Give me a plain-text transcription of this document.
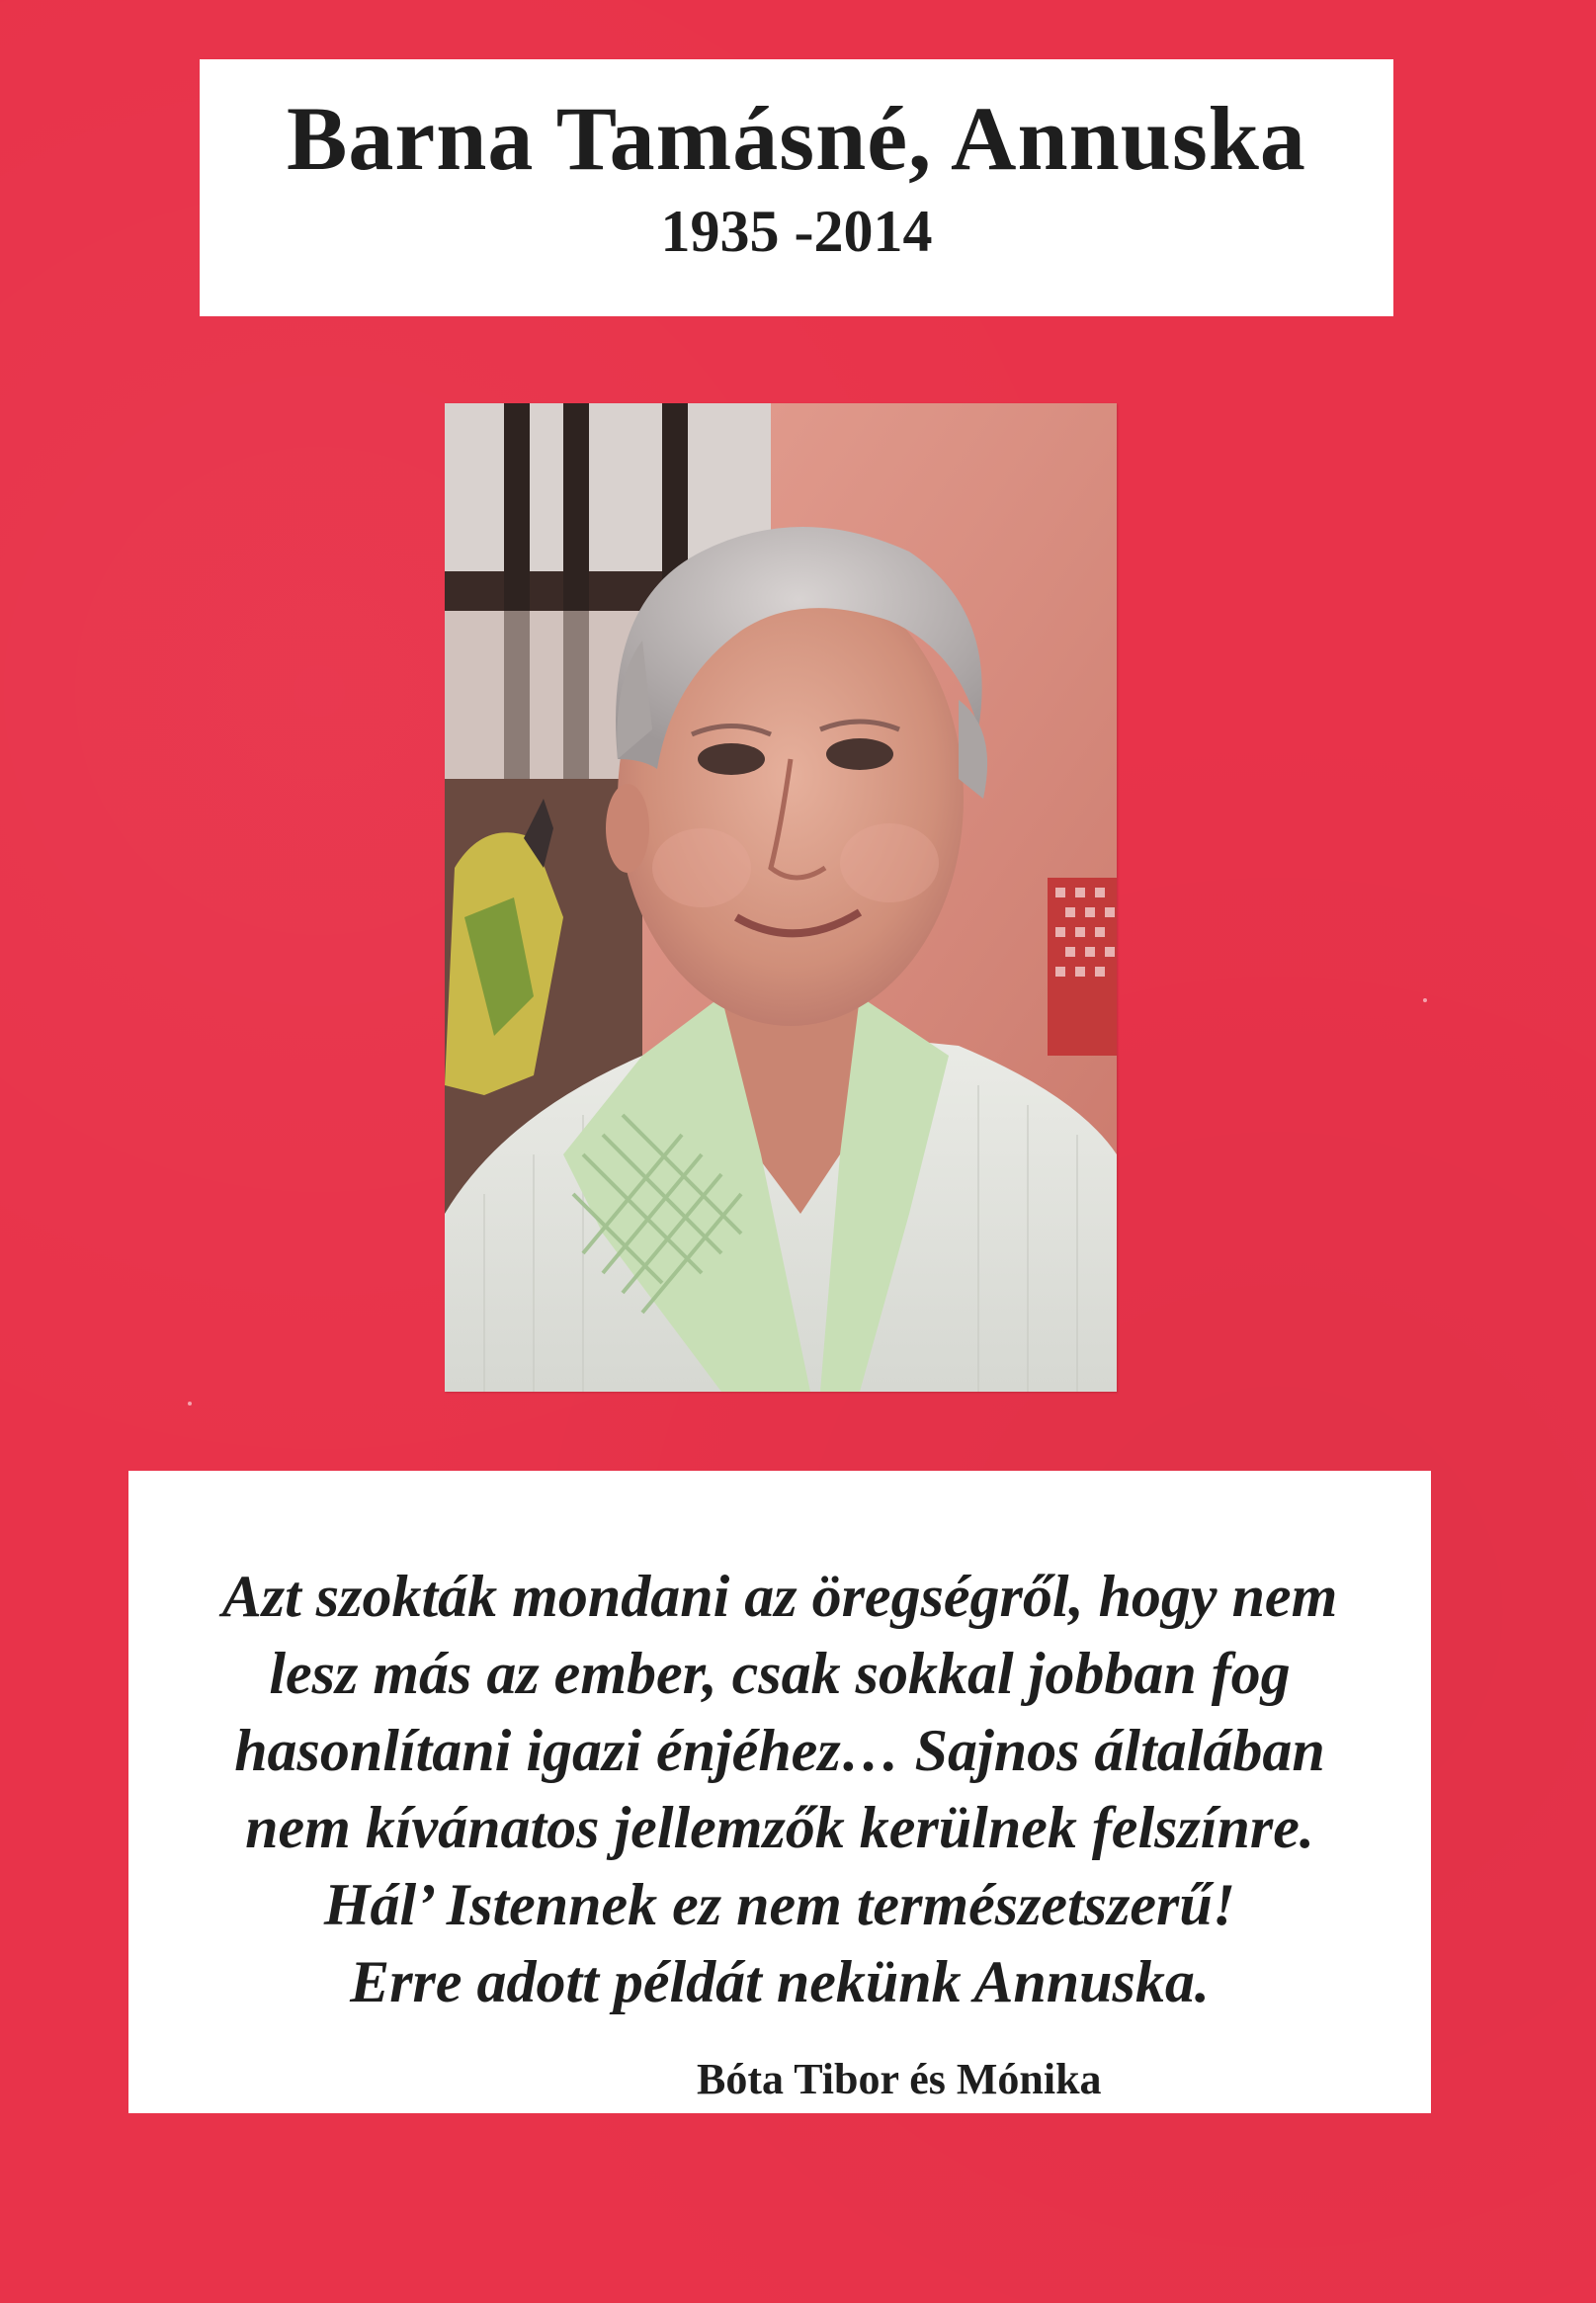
Barna Tamásné, Annuska
1935 -2014

Azt szokták mondani az öregségről, hogy nem

lesz más az ember, csak sokkal jobban fog

hasonlítani igazi énjéhez… Sajnos általában

nem kívánatos jellemzők kerülnek felszínre.

Hál’ Istennek ez nem természetszerű!

Erre adott példát nekünk Annuska.

Bóta Tibor és Mónika
